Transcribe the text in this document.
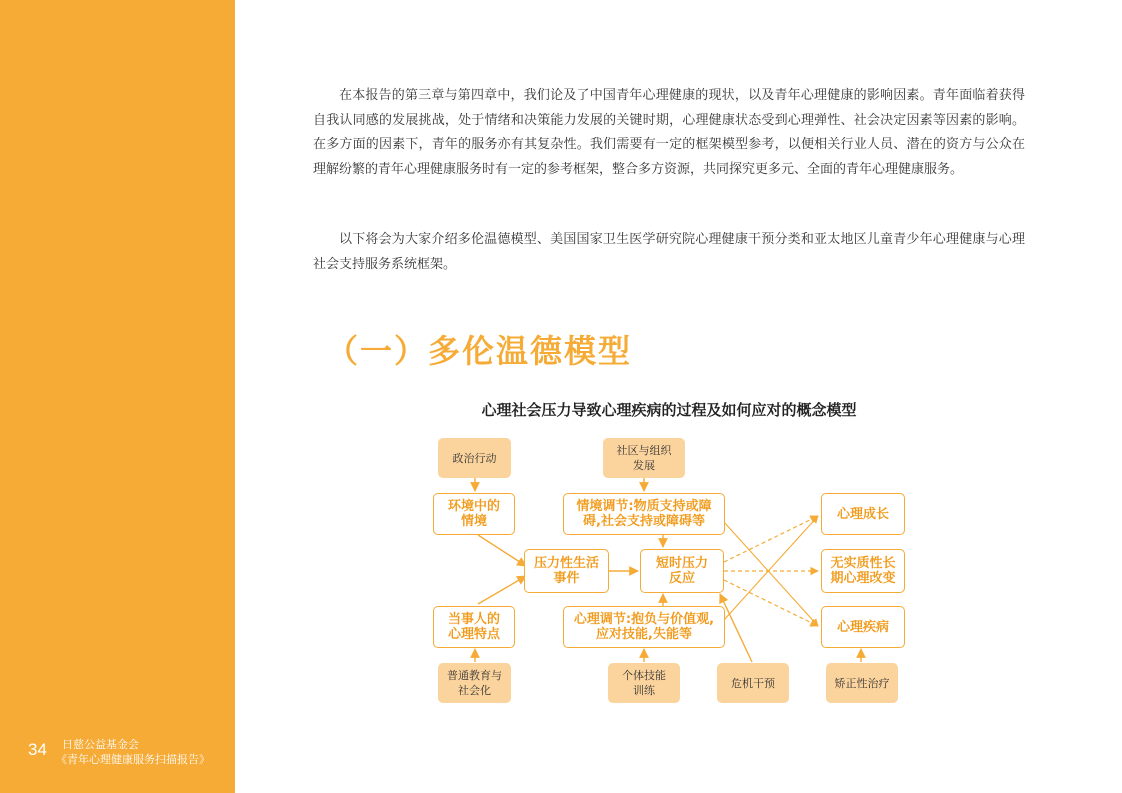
34 日慈公益基金会
《青年心理健康服务扫描报告》

在本报告的第三章与第四章中，我们论及了中国青年心理健康的现状，以及青年心理健康的影响因素。青年面临着获得自我认同感的发展挑战，处于情绪和决策能力发展的关键时期，心理健康状态受到心理弹性、社会决定因素等因素的影响。在多方面的因素下，青年的服务亦有其复杂性。我们需要有一定的框架模型参考，以便相关行业人员、潜在的资方与公众在理解纷繁的青年心理健康服务时有一定的参考框架，整合多方资源，共同探究更多元、全面的青年心理健康服务。

以下将会为大家介绍多伦温德模型、美国国家卫生医学研究院心理健康干预分类和亚太地区儿童青少年心理健康与心理社会支持服务系统框架。

（一）多伦温德模型
心理社会压力导致心理疾病的过程及如何应对的概念模型
政治行动
社区与组织
发展
环境中的
情境
情境调节:物质支持或障
碍,社会支持或障碍等
压力性生活
事件
短时压力
反应
当事人的
心理特点
心理调节:抱负与价值观,
应对技能,失能等
普通教育与
社会化
个体技能
训练
危机干预
心理成长
无实质性长
期心理改变
心理疾病
矫正性治疗
